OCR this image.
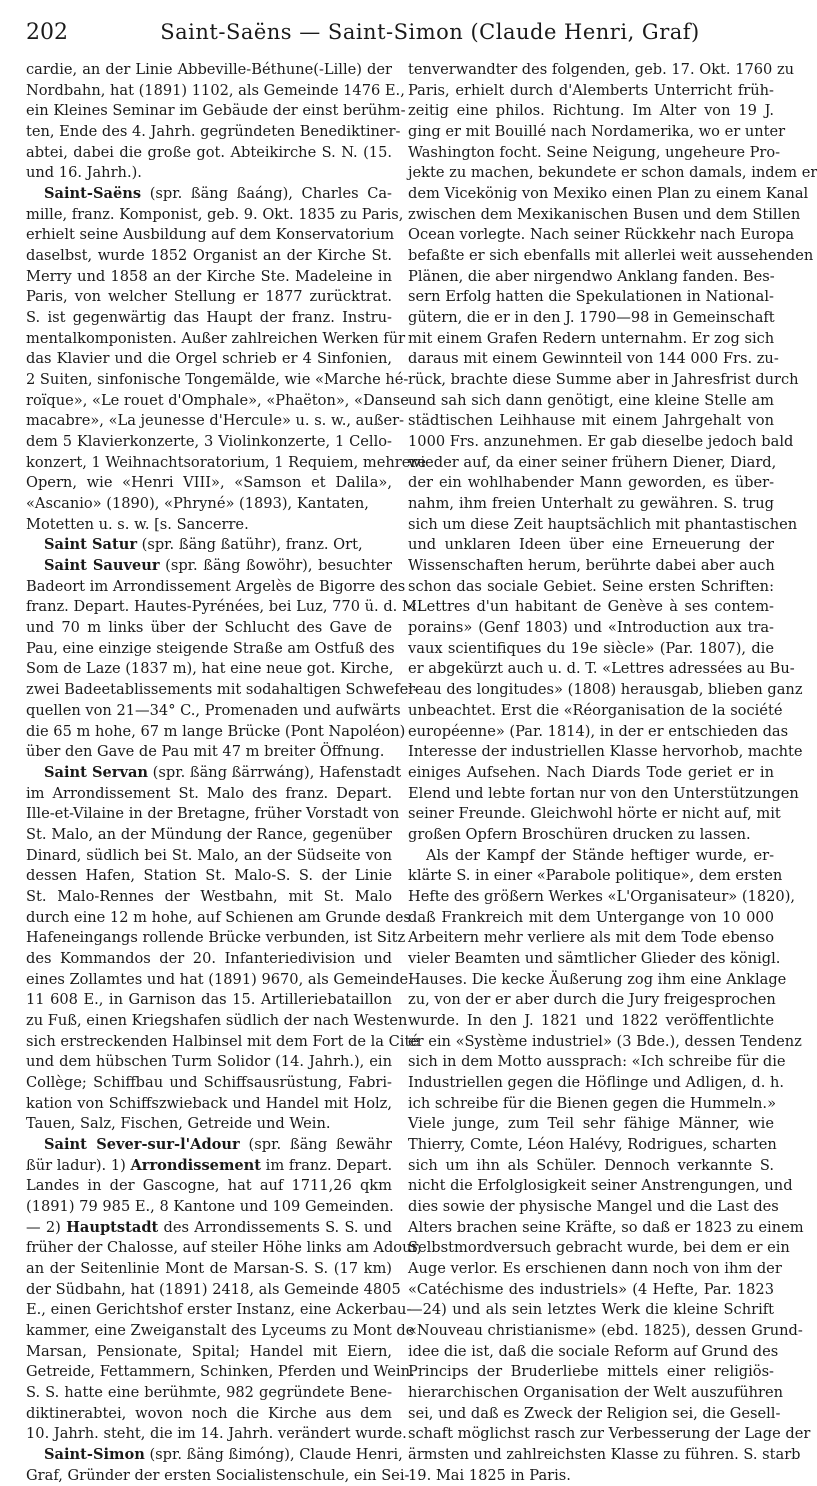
202	Saint-Saëns — Saint-Simon (Claude Henri, Graf)
cardie, an der Linie Abbeville-Béthune(-Lille) der
Nordbahn, hat (1891) 1102, als Gemeinde 1476 E.,
ein Kleines Seminar im Gebäude der einst berühm-
ten, Ende des 4. Jahrh. gegründeten Benediktiner-
abtei, dabei die große got. Abteikirche S. N. (15.
und 16. Jahrh.).
Saint-Saëns (spr. ßäng ßaáng), Charles Ca-
mille, franz. Komponist, geb. 9. Okt. 1835 zu Paris,
erhielt seine Ausbildung auf dem Konservatorium
daselbst, wurde 1852 Organist an der Kirche St.
Merry und 1858 an der Kirche Ste. Madeleine in
Paris, von welcher Stellung er 1877 zurücktrat.
S. ist gegenwärtig das Haupt der franz. Instru-
mentalkomponisten. Außer zahlreichen Werken für
das Klavier und die Orgel schrieb er 4 Sinfonien,
2 Suiten, sinfonische Tongemälde, wie «Marche hé-
roïque», «Le rouet d'Omphale», «Phaëton», «Danse
macabre», «La jeunesse d'Hercule» u. s. w., außer-
dem 5 Klavierkonzerte, 3 Violinkonzerte, 1 Cello-
konzert, 1 Weihnachtsoratorium, 1 Requiem, mehrere
Opern, wie «Henri VIII», «Samson et Dalila»,
«Ascanio» (1890), «Phryné» (1893), Kantaten,
Motetten u. s. w. [s. Sancerre.
Saint Satur (spr. ßäng ßatühr), franz. Ort,
Saint Sauveur (spr. ßäng ßowöhr), besuchter
Badeort im Arrondissement Argelès de Bigorre des
franz. Depart. Hautes-Pyrénées, bei Luz, 770 ü. d. M.
und 70 m links über der Schlucht des Gave de
Pau, eine einzige steigende Straße am Ostfuß des
Som de Laze (1837 m), hat eine neue got. Kirche,
zwei Badeetablissements mit sodahaltigen Schwefel-
quellen von 21—34° C., Promenaden und aufwärts
die 65 m hohe, 67 m lange Brücke (Pont Napoléon)
über den Gave de Pau mit 47 m breiter Öffnung.
Saint Servan (spr. ßäng ßärrwáng), Hafenstadt
im Arrondissement St. Malo des franz. Depart.
Ille-et-Vilaine in der Bretagne, früher Vorstadt von
St. Malo, an der Mündung der Rance, gegenüber
Dinard, südlich bei St. Malo, an der Südseite von
dessen Hafen, Station St. Malo-S. S. der Linie
St. Malo-Rennes der Westbahn, mit St. Malo
durch eine 12 m hohe, auf Schienen am Grunde des
Hafeneingangs rollende Brücke verbunden, ist Sitz
des Kommandos der 20. Infanteriedivision und
eines Zollamtes und hat (1891) 9670, als Gemeinde
11 608 E., in Garnison das 15. Artilleriebataillon
zu Fuß, einen Kriegshafen südlich der nach Westen
sich erstreckenden Halbinsel mit dem Fort de la Cité
und dem hübschen Turm Solidor (14. Jahrh.), ein
Collège; Schiffbau und Schiffsausrüstung, Fabri-
kation von Schiffszwieback und Handel mit Holz,
Tauen, Salz, Fischen, Getreide und Wein.
Saint Sever-sur-l'Adour (spr. ßäng ßewähr
ßür ladur). 1) Arrondissement im franz. Depart.
Landes in der Gascogne, hat auf 1711,26 qkm
(1891) 79 985 E., 8 Kantone und 109 Gemeinden.
— 2) Hauptstadt des Arrondissements S. S. und
früher der Chalosse, auf steiler Höhe links am Adour,
an der Seitenlinie Mont de Marsan-S. S. (17 km)
der Südbahn, hat (1891) 2418, als Gemeinde 4805
E., einen Gerichtshof erster Instanz, eine Ackerbau-
kammer, eine Zweiganstalt des Lyceums zu Mont de
Marsan, Pensionate, Spital; Handel mit Eiern,
Getreide, Fettammern, Schinken, Pferden und Wein.
S. S. hatte eine berühmte, 982 gegründete Bene-
diktinerabtei, wovon noch die Kirche aus dem
10. Jahrh. steht, die im 14. Jahrh. verändert wurde.
Saint-Simon (spr. ßäng ßimóng), Claude Henri,
Graf, Gründer der ersten Socialistenschule, ein Sei-
tenverwandter des folgenden, geb. 17. Okt. 1760 zu
Paris, erhielt durch d'Alemberts Unterricht früh-
zeitig eine philos. Richtung. Im Alter von 19 J.
ging er mit Bouillé nach Nordamerika, wo er unter
Washington focht. Seine Neigung, ungeheure Pro-
jekte zu machen, bekundete er schon damals, indem er
dem Vicekönig von Mexiko einen Plan zu einem Kanal
zwischen dem Mexikanischen Busen und dem Stillen
Ocean vorlegte. Nach seiner Rückkehr nach Europa
befaßte er sich ebenfalls mit allerlei weit aussehenden
Plänen, die aber nirgendwo Anklang fanden. Bes-
sern Erfolg hatten die Spekulationen in National-
gütern, die er in den J. 1790—98 in Gemeinschaft
mit einem Grafen Redern unternahm. Er zog sich
daraus mit einem Gewinnteil von 144 000 Frs. zu-
rück, brachte diese Summe aber in Jahresfrist durch
und sah sich dann genötigt, eine kleine Stelle am
städtischen Leihhause mit einem Jahrgehalt von
1000 Frs. anzunehmen. Er gab dieselbe jedoch bald
wieder auf, da einer seiner frühern Diener, Diard,
der ein wohlhabender Mann geworden, es über-
nahm, ihm freien Unterhalt zu gewähren. S. trug
sich um diese Zeit hauptsächlich mit phantastischen
und unklaren Ideen über eine Erneuerung der
Wissenschaften herum, berührte dabei aber auch
schon das sociale Gebiet. Seine ersten Schriften:
«Lettres d'un habitant de Genève à ses contem-
porains» (Genf 1803) und «Introduction aux tra-
vaux scientifiques du 19e siècle» (Par. 1807), die
er abgekürzt auch u. d. T. «Lettres adressées au Bu-
reau des longitudes» (1808) herausgab, blieben ganz
unbeachtet. Erst die «Réorganisation de la société
européenne» (Par. 1814), in der er entschieden das
Interesse der industriellen Klasse hervorhob, machte
einiges Aufsehen. Nach Diards Tode geriet er in
Elend und lebte fortan nur von den Unterstützungen
seiner Freunde. Gleichwohl hörte er nicht auf, mit
großen Opfern Broschüren drucken zu lassen.
Als der Kampf der Stände heftiger wurde, er-
klärte S. in einer «Parabole politique», dem ersten
Hefte des größern Werkes «L'Organisateur» (1820),
daß Frankreich mit dem Untergange von 10 000
Arbeitern mehr verliere als mit dem Tode ebenso
vieler Beamten und sämtlicher Glieder des königl.
Hauses. Die kecke Äußerung zog ihm eine Anklage
zu, von der er aber durch die Jury freigesprochen
wurde. In den J. 1821 und 1822 veröffentlichte
er ein «Système industriel» (3 Bde.), dessen Tendenz
sich in dem Motto aussprach: «Ich schreibe für die
Industriellen gegen die Höflinge und Adligen, d. h.
ich schreibe für die Bienen gegen die Hummeln.»
Viele junge, zum Teil sehr fähige Männer, wie
Thierry, Comte, Léon Halévy, Rodrigues, scharten
sich um ihn als Schüler. Dennoch verkannte S.
nicht die Erfolglosigkeit seiner Anstrengungen, und
dies sowie der physische Mangel und die Last des
Alters brachen seine Kräfte, so daß er 1823 zu einem
Selbstmordversuch gebracht wurde, bei dem er ein
Auge verlor. Es erschienen dann noch von ihm der
«Catéchisme des industriels» (4 Hefte, Par. 1823
—24) und als sein letztes Werk die kleine Schrift
«Nouveau christianisme» (ebd. 1825), dessen Grund-
idee die ist, daß die sociale Reform auf Grund des
Princips der Bruderliebe mittels einer religiös-
hierarchischen Organisation der Welt auszuführen
sei, und daß es Zweck der Religion sei, die Gesell-
schaft möglichst rasch zur Verbesserung der Lage der
ärmsten und zahlreichsten Klasse zu führen. S. starb
19. Mai 1825 in Paris.
